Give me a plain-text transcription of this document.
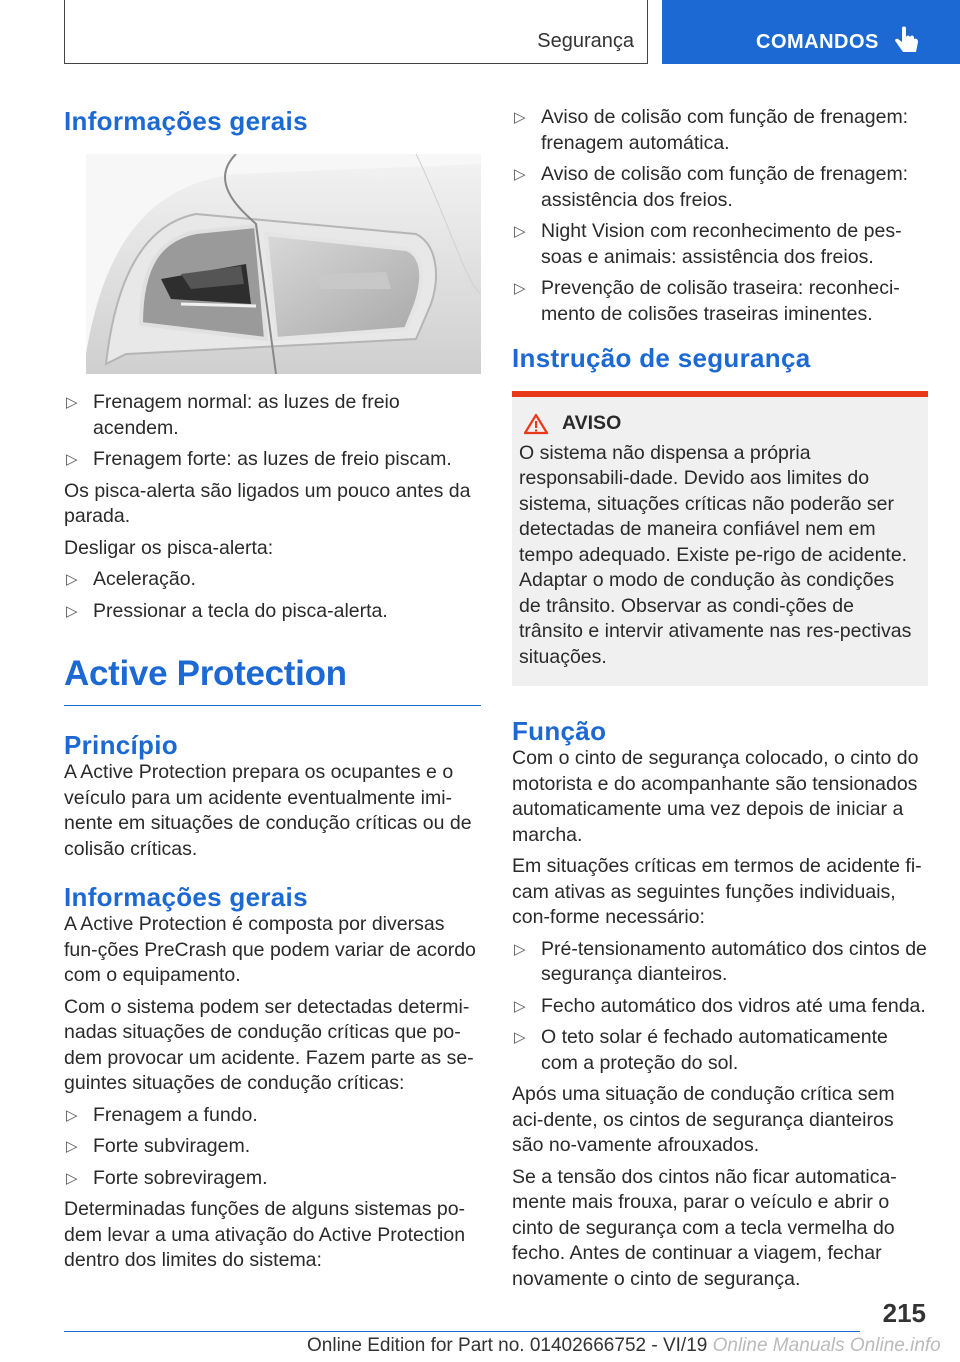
Segurança	COMANDOS
Informações gerais
▷ Frenagem normal: as luzes de freio acendem.
▷ Frenagem forte: as luzes de freio piscam.

Os pisca-alerta são ligados um pouco antes da parada.

Desligar os pisca-alerta:

▷ Aceleração.
▷ Pressionar a tecla do pisca-alerta.
Active Protection
Princípio

A Active Protection prepara os ocupantes e o veículo para um acidente eventualmente imi-nente em situações de condução críticas ou de colisão críticas.

Informações gerais

A Active Protection é composta por diversas fun-ções PreCrash que podem variar de acordo com o equipamento.

Com o sistema podem ser detectadas determi-nadas situações de condução críticas que po-dem provocar um acidente. Fazem parte as se-guintes situações de condução críticas:

▷ Frenagem a fundo.
▷ Forte subviragem.
▷ Forte sobreviragem.

Determinadas funções de alguns sistemas po-dem levar a uma ativação do Active Protection dentro dos limites do sistema:

▷ Aviso de colisão com função de frenagem: frenagem automática.
▷ Aviso de colisão com função de frenagem: assistência dos freios.
▷ Night Vision com reconhecimento de pes-soas e animais: assistência dos freios.
▷ Prevenção de colisão traseira: reconheci-mento de colisões traseiras iminentes.
Instrução de segurança
AVISO
O sistema não dispensa a própria responsabili-dade. Devido aos limites do sistema, situações críticas não poderão ser detectadas de maneira confiável nem em tempo adequado. Existe pe-rigo de acidente. Adaptar o modo de condução às condições de trânsito. Observar as condi-ções de trânsito e intervir ativamente nas res-pectivas situações.
Função

Com o cinto de segurança colocado, o cinto do motorista e do acompanhante são tensionados automaticamente uma vez depois de iniciar a marcha.

Em situações críticas em termos de acidente fi-cam ativas as seguintes funções individuais, con-forme necessário:

▷ Pré-tensionamento automático dos cintos de segurança dianteiros.
▷ Fecho automático dos vidros até uma fenda.
▷ O teto solar é fechado automaticamente com a proteção do sol.

Após uma situação de condução crítica sem aci-dente, os cintos de segurança dianteiros são no-vamente afrouxados.

Se a tensão dos cintos não ficar automatica-mente mais frouxa, parar o veículo e abrir o cinto de segurança com a tecla vermelha do fecho. Antes de continuar a viagem, fechar novamente o cinto de segurança.

215
Online Edition for Part no. 01402666752 - VI/19 Online Manuals Online.info
